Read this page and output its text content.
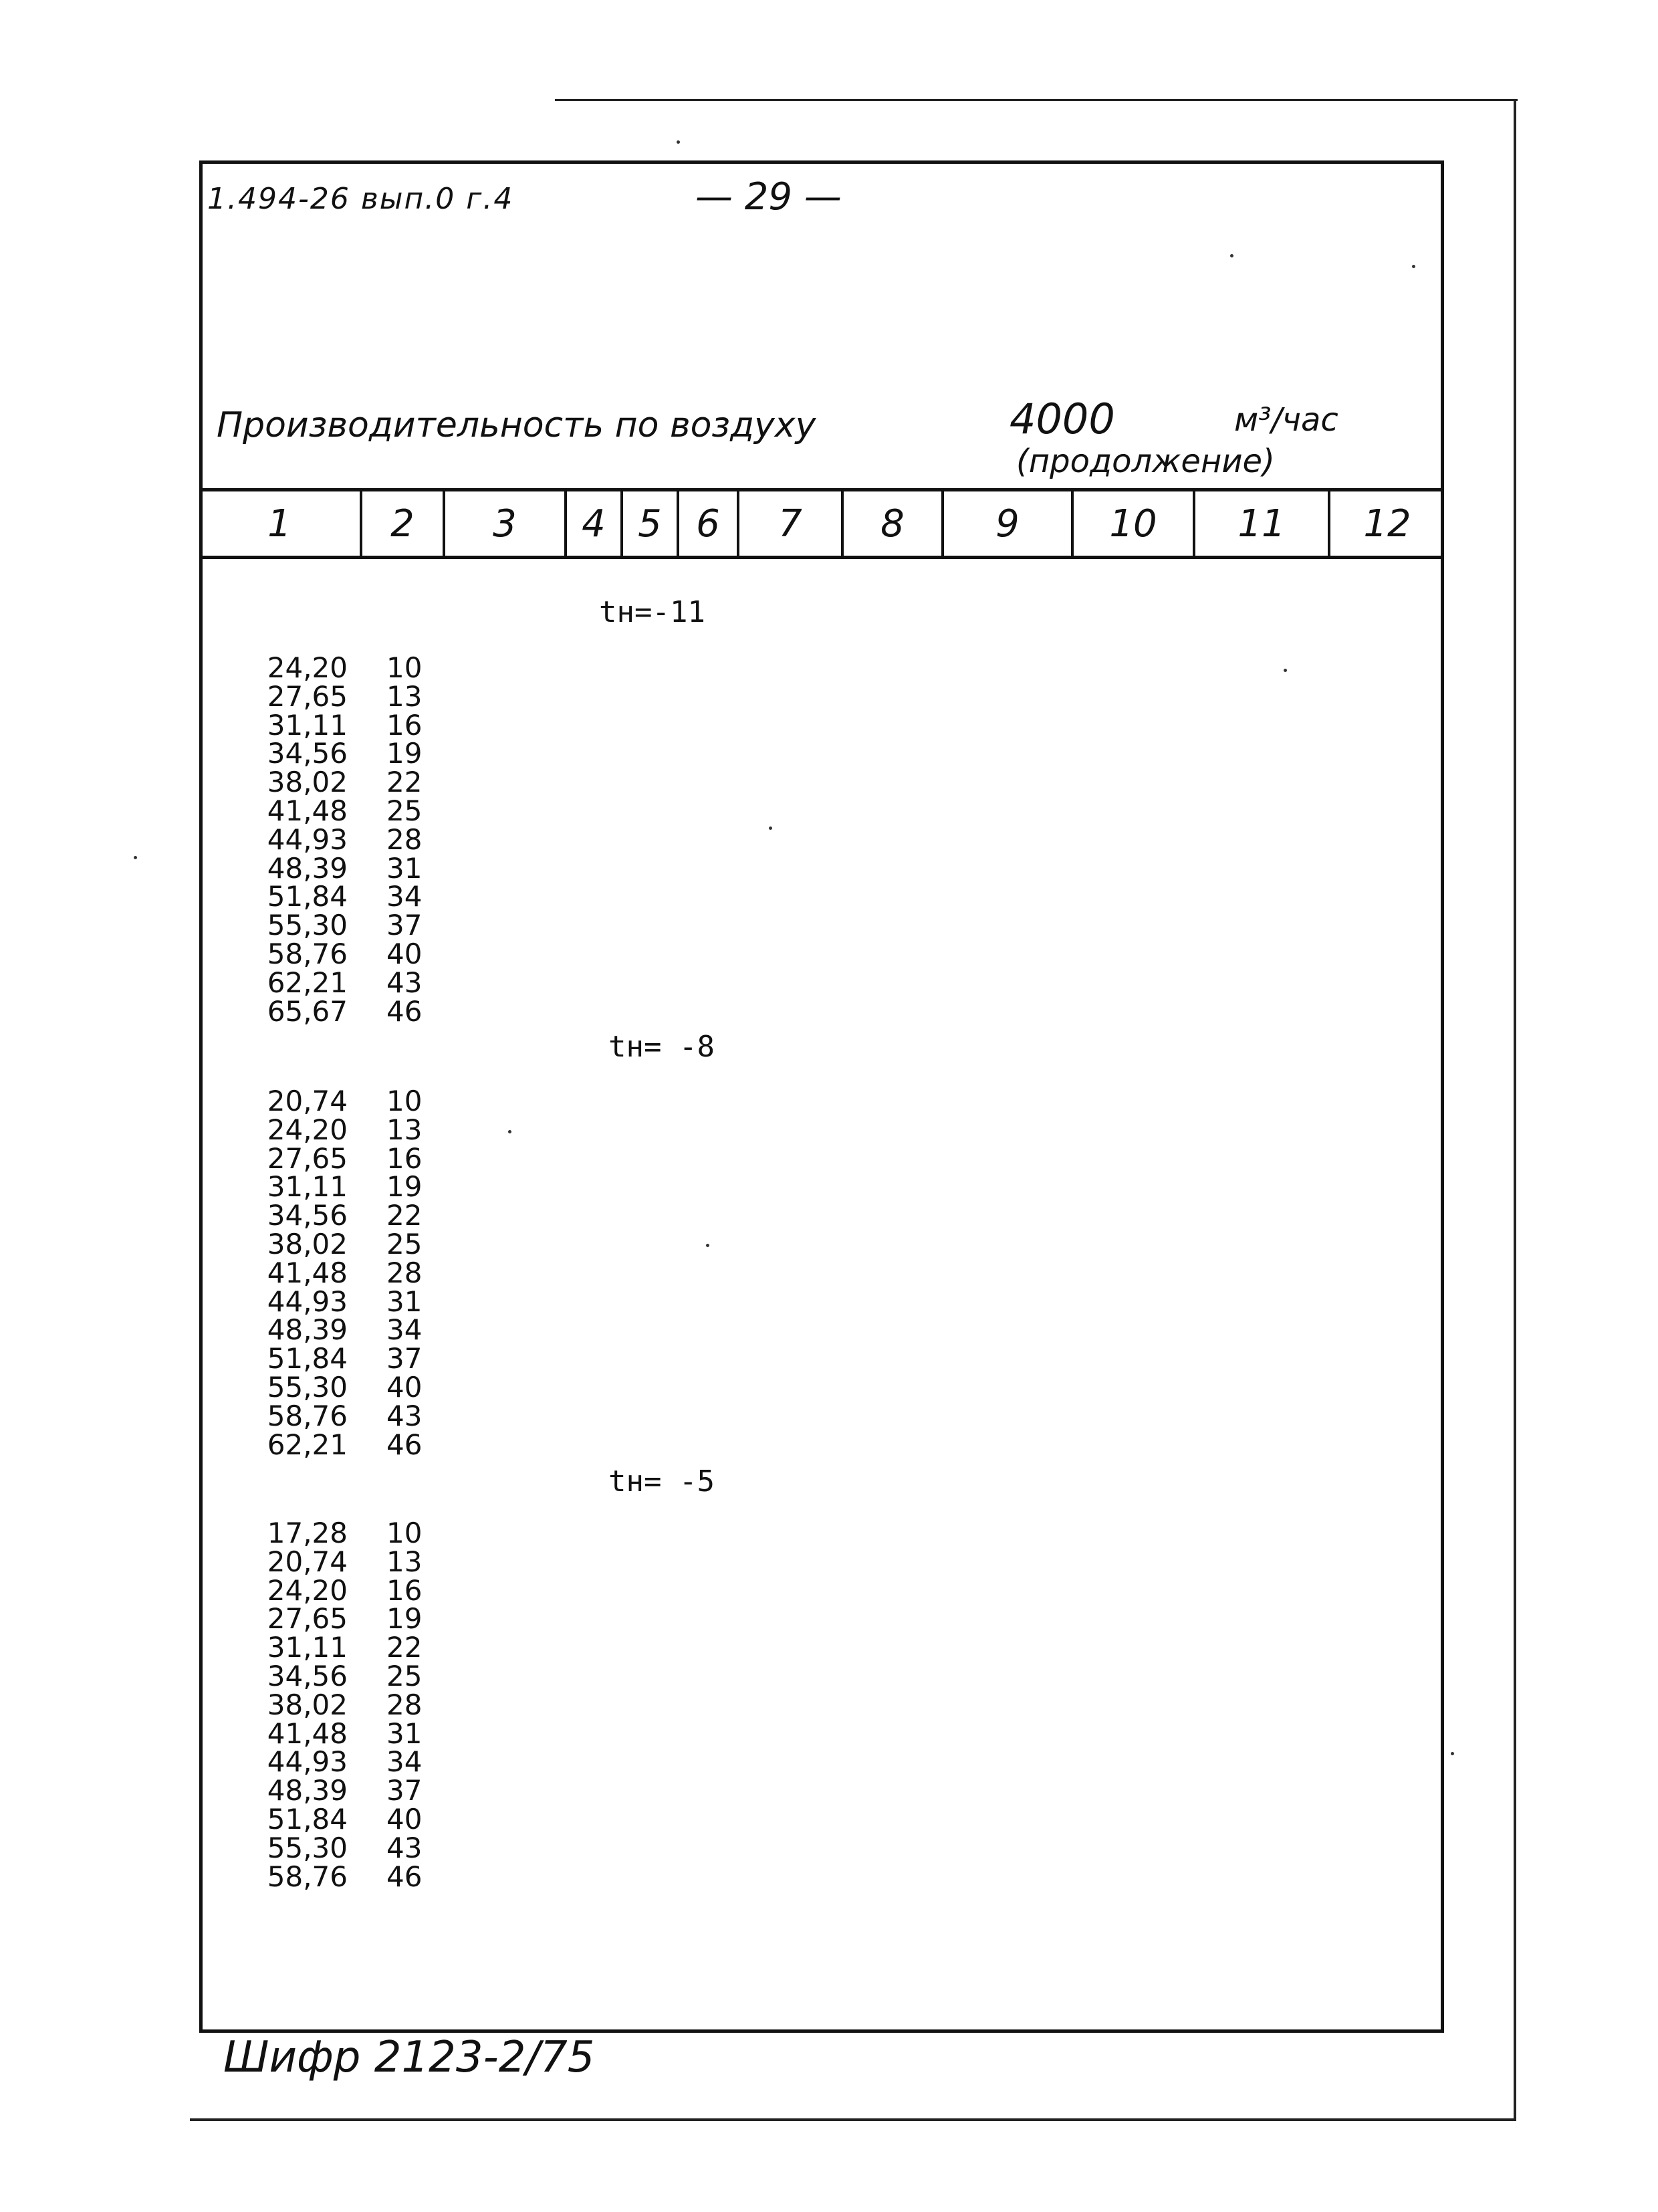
1.494-26 вып.0 г.4	— 29 —
Производительность по воздуху	4000	м³/час
(продолжение)
1	2	3	4 5 6	7	8	9	10	11	12
tн=-11
24,20 10
27,65 13
31,11 16
34,56 19
38,02 22
41,48 25
44,93 28
48,39 31
51,84 34
55,30 37
58,76 40
62,21 43
65,67 46
tн= -8
20,74 10
24,20 13
27,65 16
31,11 19
34,56 22
38,02 25
41,48 28
44,93 31
48,39 34
51,84 37
55,30 40
58,76 43
62,21 46
tн= -5
17,28 10
20,74 13
24,20 16
27,65 19
31,11 22
34,56 25
38,02 28
41,48 31
44,93 34
48,39 37
51,84 40
55,30 43
58,76 46
Шифр 2123-2/75
